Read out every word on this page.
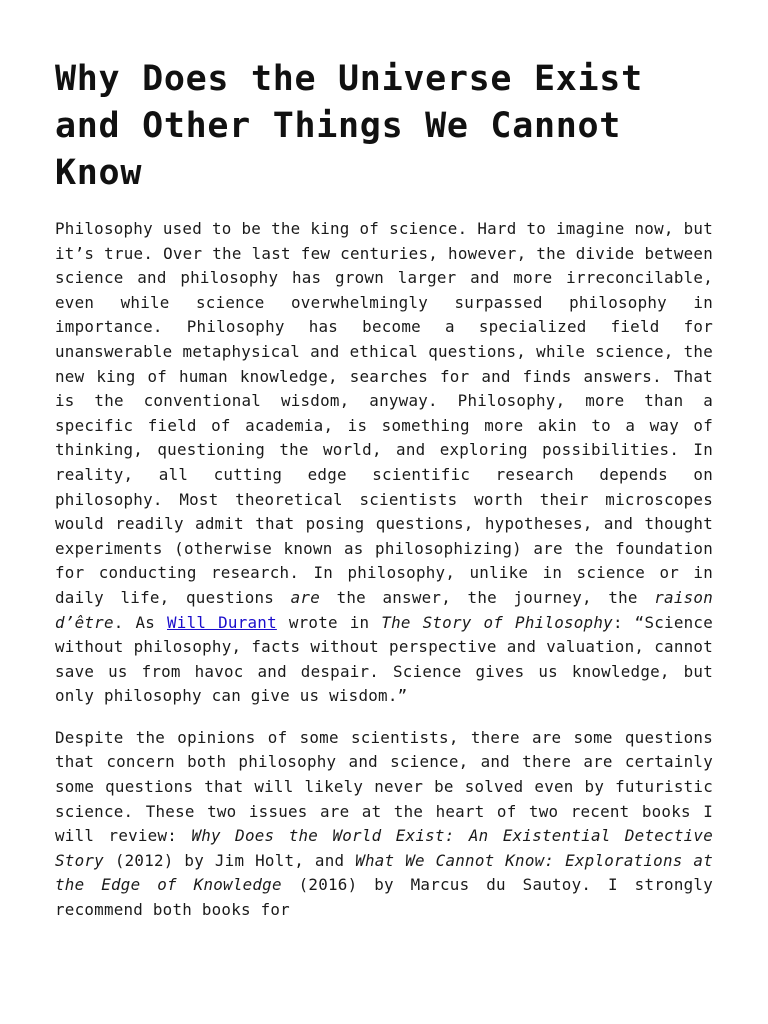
Why Does the Universe Exist and Other Things We Cannot Know

Philosophy used to be the king of science. Hard to imagine now, but it’s true. Over the last few centuries, however, the divide between science and philosophy has grown larger and more irreconcilable, even while science overwhelmingly surpassed philosophy in importance. Philosophy has become a specialized field for unanswerable metaphysical and ethical questions, while science, the new king of human knowledge, searches for and finds answers. That is the conventional wisdom, anyway. Philosophy, more than a specific field of academia, is something more akin to a way of thinking, questioning the world, and exploring possibilities. In reality, all cutting edge scientific research depends on philosophy. Most theoretical scientists worth their microscopes would readily admit that posing questions, hypotheses, and thought experiments (otherwise known as philosophizing) are the foundation for conducting research. In philosophy, unlike in science or in daily life, questions are the answer, the journey, the raison d’être. As Will Durant wrote in The Story of Philosophy: “Science without philosophy, facts without perspective and valuation, cannot save us from havoc and despair. Science gives us knowledge, but only philosophy can give us wisdom.”

Despite the opinions of some scientists, there are some questions that concern both philosophy and science, and there are certainly some questions that will likely never be solved even by futuristic science. These two issues are at the heart of two recent books I will review: Why Does the World Exist: An Existential Detective Story (2012) by Jim Holt, and What We Cannot Know: Explorations at the Edge of Knowledge (2016) by Marcus du Sautoy. I strongly recommend both books for
